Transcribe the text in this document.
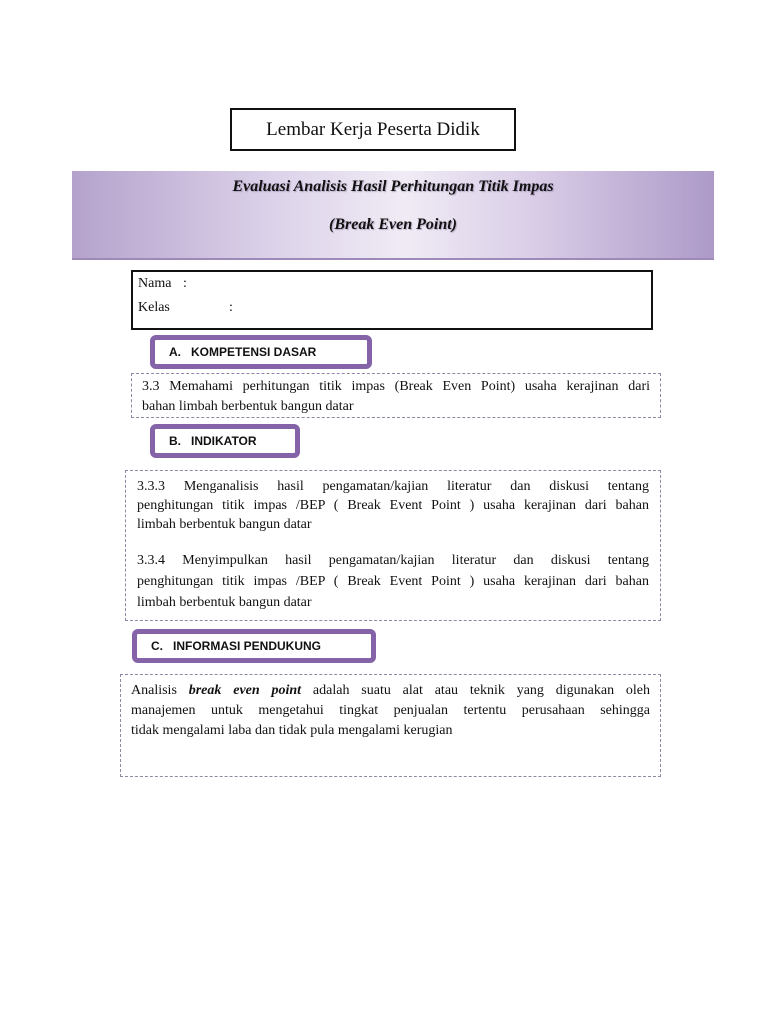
Lembar Kerja Peserta Didik
Evaluasi Analisis Hasil Perhitungan Titik Impas
(Break Even Point)
Nama :
Kelas	:
A. KOMPETENSI DASAR

3.3 Memahami perhitungan titik impas (Break Even Point) usaha kerajinan dari

bahan limbah berbentuk bangun datar

B. INDIKATOR

3.3.3 Menganalisis hasil pengamatan/kajian literatur dan diskusi tentang

penghitungan titik impas /BEP ( Break Event Point ) usaha kerajinan dari bahan

limbah berbentuk bangun datar

3.3.4 Menyimpulkan hasil pengamatan/kajian literatur dan diskusi tentang

penghitungan titik impas /BEP ( Break Event Point ) usaha kerajinan dari bahan

limbah berbentuk bangun datar

C. INFORMASI PENDUKUNG

Analisis break even point adalah suatu alat atau teknik yang digunakan oleh

manajemen untuk mengetahui tingkat penjualan tertentu perusahaan sehingga

tidak mengalami laba dan tidak pula mengalami kerugian
